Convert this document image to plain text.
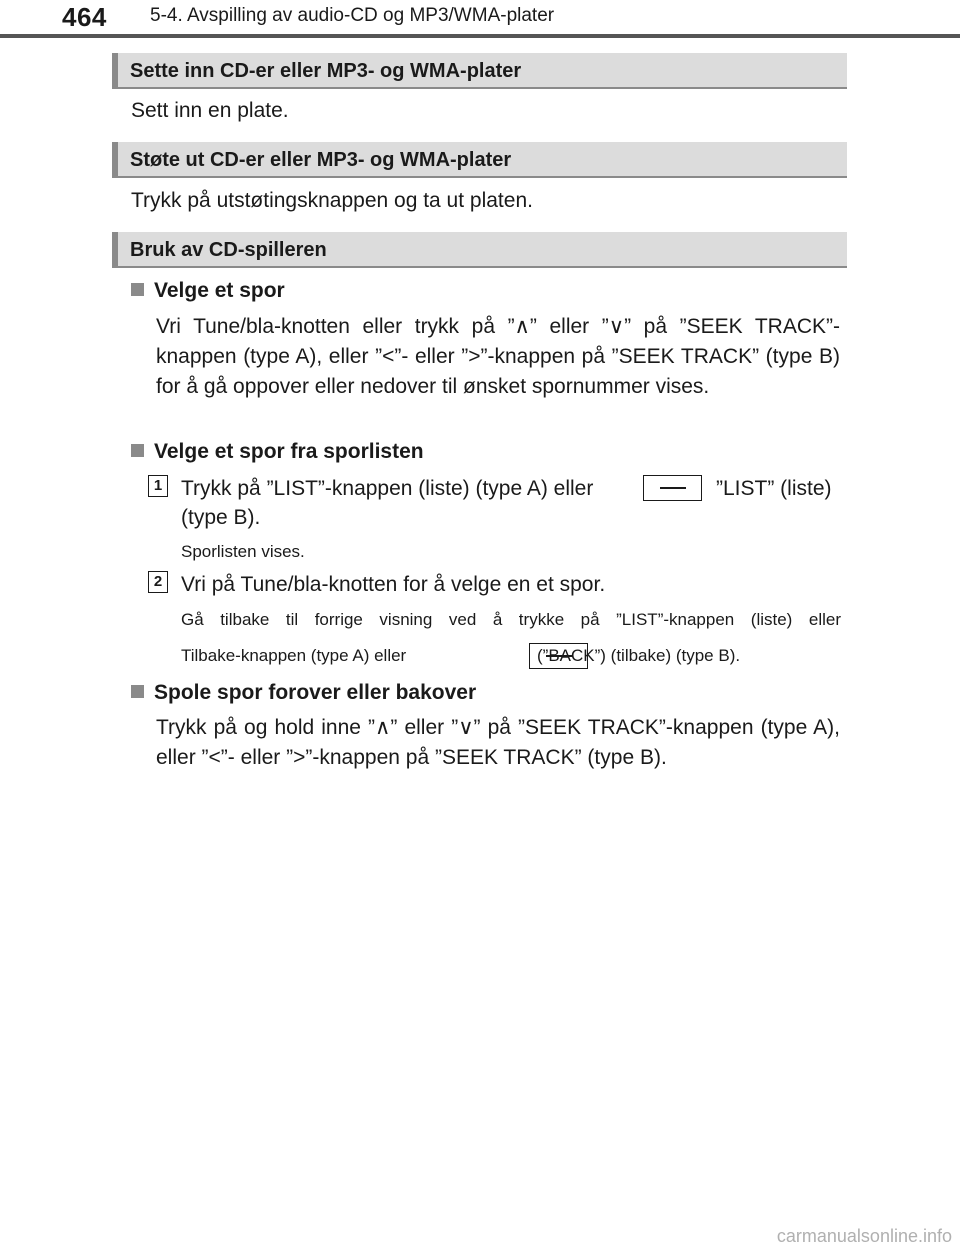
464 5-4. Avspilling av audio-CD og MP3/WMA-plater
Sette inn CD-er eller MP3- og WMA-plater
Sett inn en plate.
Støte ut CD-er eller MP3- og WMA-plater
Trykk på utstøtingsknappen og ta ut platen.
Bruk av CD-spilleren
Velge et spor
Vri Tune/bla-knotten eller trykk på ”∧” eller ”∨” på ”SEEK TRACK”-knappen (type A), eller ”<”- eller ”>”-knappen på ”SEEK TRACK” (type B) for å gå oppover eller nedover til ønsket spornummer vises.
Velge et spor fra sporlisten
1 Trykk på ”LIST”-knappen (liste) (type A) eller
	”LIST” (liste)
(type B).
Sporlisten vises.
2 Vri på Tune/bla-knotten for å velge en et spor.
Gå tilbake til forrige visning ved å trykke på ”LIST”-knappen (liste) eller
Tilbake-knappen (type A) eller	(”BACK”) (tilbake) (type B).
Spole spor forover eller bakover
Trykk på og hold inne ”∧” eller ”∨” på ”SEEK TRACK”-knappen (type A), eller ”<”- eller ”>”-knappen på ”SEEK TRACK” (type B).
carmanualsonline.info
